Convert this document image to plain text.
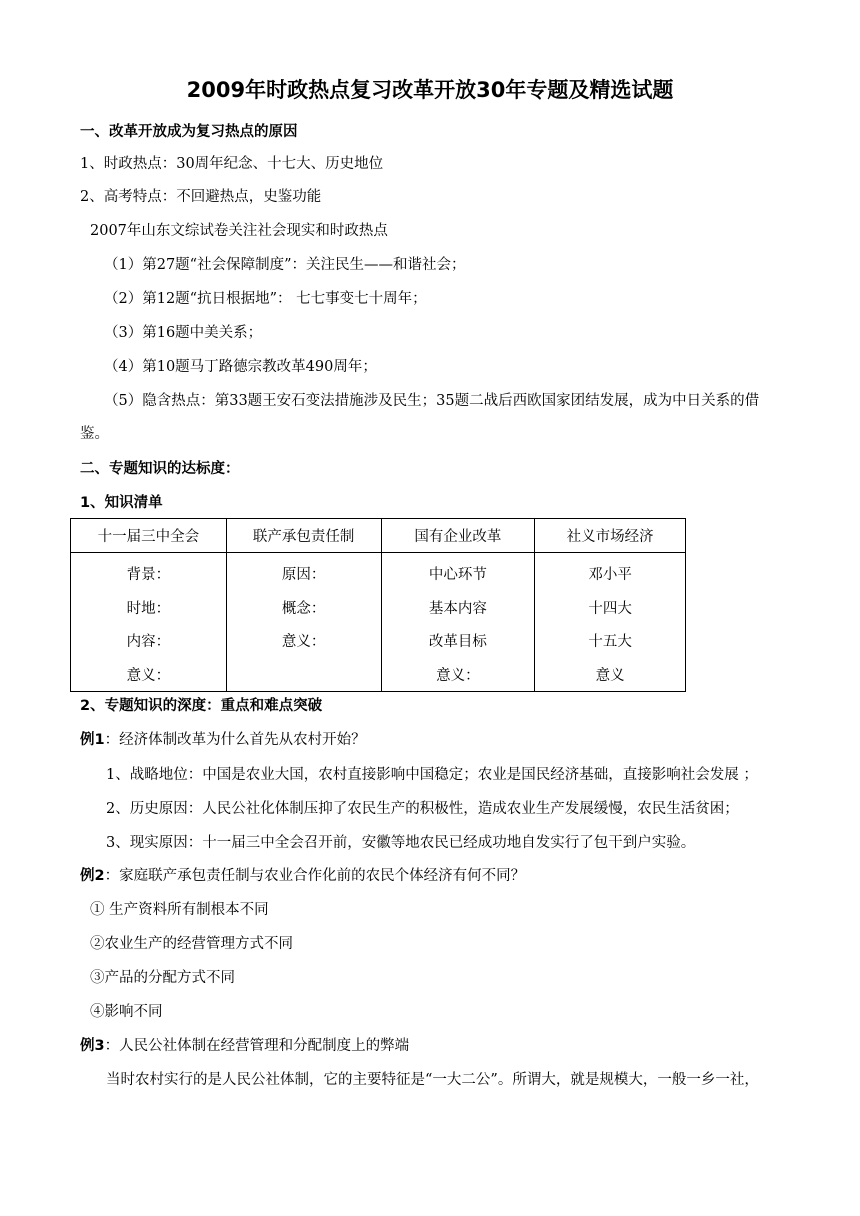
2009年时政热点复习改革开放30年专题及精选试题
一、改革开放成为复习热点的原因
1、时政热点：30周年纪念、十七大、历史地位
2、高考特点：不回避热点，史鉴功能
2007年山东文综试卷关注社会现实和时政热点
（1）第27题“社会保障制度”：关注民生——和谐社会；
（2）第12题“抗日根据地”： 七七事变七十周年；
（3）第16题中美关系；
（4）第10题马丁路德宗教改革490周年；
（5）隐含热点：第33题王安石变法措施涉及民生；35题二战后西欧国家团结发展，成为中日关系的借
鉴。
二、专题知识的达标度：
1、知识清单
十一届三中全会	联产承包责任制	国有企业改革	社义市场经济
背景：	原因：	中心环节	邓小平
时地：	概念：	基本内容	十四大
内容：	意义：	改革目标	十五大
意义：		意义：	意义
2、专题知识的深度：重点和难点突破
例1：经济体制改革为什么首先从农村开始？
1、战略地位：中国是农业大国，农村直接影响中国稳定；农业是国民经济基础，直接影响社会发展 ；
2、历史原因：人民公社化体制压抑了农民生产的积极性，造成农业生产发展缓慢，农民生活贫困；
3、现实原因：十一届三中全会召开前，安徽等地农民已经成功地自发实行了包干到户实验。
例2：家庭联产承包责任制与农业合作化前的农民个体经济有何不同？
① 生产资料所有制根本不同
②农业生产的经营管理方式不同
③产品的分配方式不同
④影响不同
例3：人民公社体制在经营管理和分配制度上的弊端
当时农村实行的是人民公社体制，它的主要特征是“一大二公”。所谓大，就是规模大，一般一乡一社，
